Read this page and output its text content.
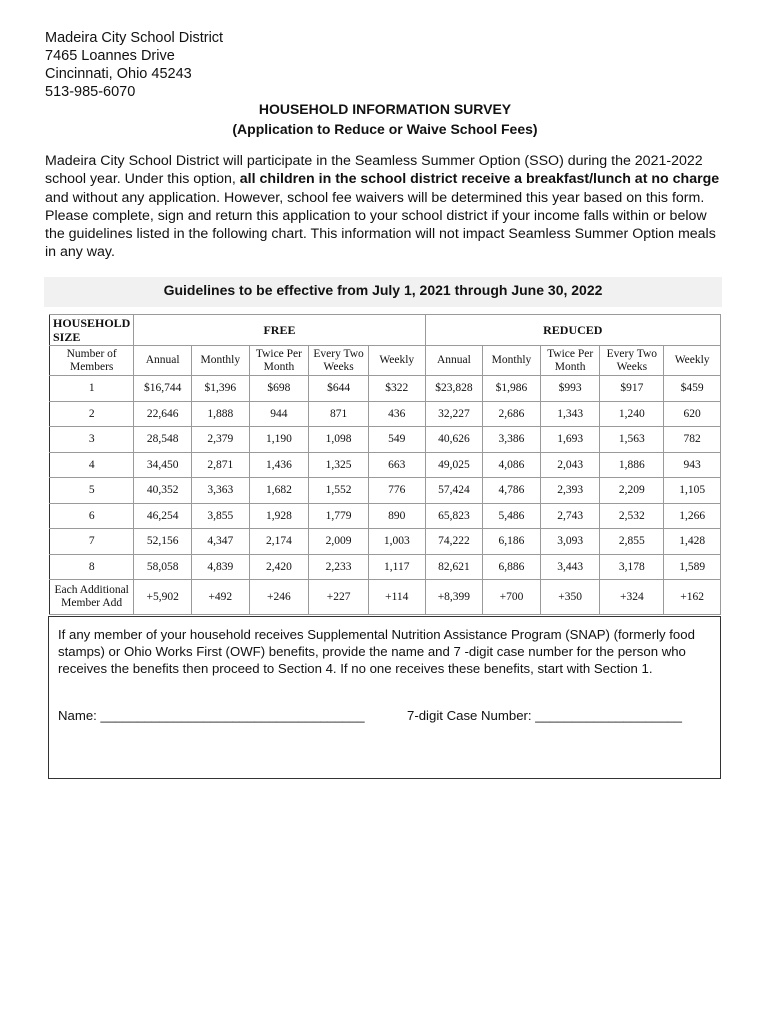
Madeira City School District
7465 Loannes Drive
Cincinnati, Ohio 45243
513-985-6070
HOUSEHOLD INFORMATION SURVEY
(Application to Reduce or Waive School Fees)
Madeira City School District will participate in the Seamless Summer Option (SSO) during the 2021-2022 school year. Under this option, all children in the school district receive a breakfast/lunch at no charge and without any application. However, school fee waivers will be determined this year based on this form. Please complete, sign and return this application to your school district if your income falls within or below the guidelines listed in the following chart. This information will not impact Seamless Summer Option meals in any way.
Guidelines to be effective from July 1, 2021 through June 30, 2022
HOUSEHOLD SIZE	FREE					REDUCED				
Number of Members	Annual	Monthly	Twice Per Month	Every Two Weeks	Weekly	Annual	Monthly	Twice Per Month	Every Two Weeks	Weekly
1	$16,744	$1,396	$698	$644	$322	$23,828	$1,986	$993	$917	$459
2	22,646	1,888	944	871	436	32,227	2,686	1,343	1,240	620
3	28,548	2,379	1,190	1,098	549	40,626	3,386	1,693	1,563	782
4	34,450	2,871	1,436	1,325	663	49,025	4,086	2,043	1,886	943
5	40,352	3,363	1,682	1,552	776	57,424	4,786	2,393	2,209	1,105
6	46,254	3,855	1,928	1,779	890	65,823	5,486	2,743	2,532	1,266
7	52,156	4,347	2,174	2,009	1,003	74,222	6,186	3,093	2,855	1,428
8	58,058	4,839	2,420	2,233	1,117	82,621	6,886	3,443	3,178	1,589
Each Additional Member Add	+5,902	+492	+246	+227	+114	+8,399	+700	+350	+324	+162
If any member of your household receives Supplemental Nutrition Assistance Program (SNAP) (formerly food stamps) or Ohio Works First (OWF) benefits, provide the name and 7 -digit case number for the person who receives the benefits then proceed to Section 4. If no one receives these benefits, start with Section 1.
Name: ____________________________________	7-digit Case Number: ____________________
